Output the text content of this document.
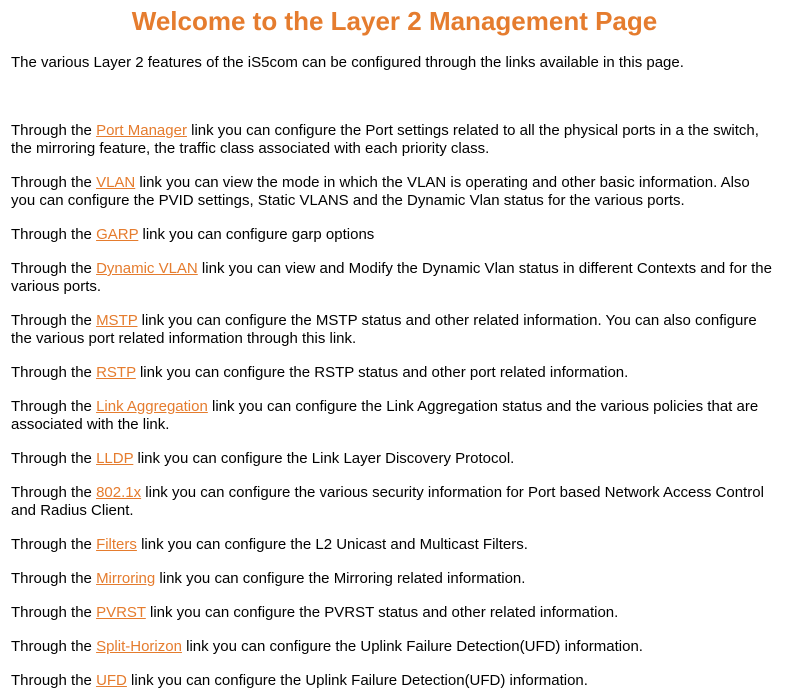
Welcome to the Layer 2 Management Page

The various Layer 2 features of the iS5com can be configured through the links available in this page.

Through the Port Manager link you can configure the Port settings related to all the physical ports in a the switch, the mirroring feature, the traffic class associated with each priority class.

Through the VLAN link you can view the mode in which the VLAN is operating and other basic information. Also you can configure the PVID settings, Static VLANS and the Dynamic Vlan status for the various ports.

Through the GARP link you can configure garp options

Through the Dynamic VLAN link you can view and Modify the Dynamic Vlan status in different Contexts and for the various ports.

Through the MSTP link you can configure the MSTP status and other related information. You can also configure the various port related information through this link.

Through the RSTP link you can configure the RSTP status and other port related information.

Through the Link Aggregation link you can configure the Link Aggregation status and the various policies that are associated with the link.

Through the LLDP link you can configure the Link Layer Discovery Protocol.

Through the 802.1x link you can configure the various security information for Port based Network Access Control and Radius Client.

Through the Filters link you can configure the L2 Unicast and Multicast Filters.

Through the Mirroring link you can configure the Mirroring related information.

Through the PVRST link you can configure the PVRST status and other related information.

Through the Split-Horizon link you can configure the Uplink Failure Detection(UFD) information.

Through the UFD link you can configure the Uplink Failure Detection(UFD) information.
